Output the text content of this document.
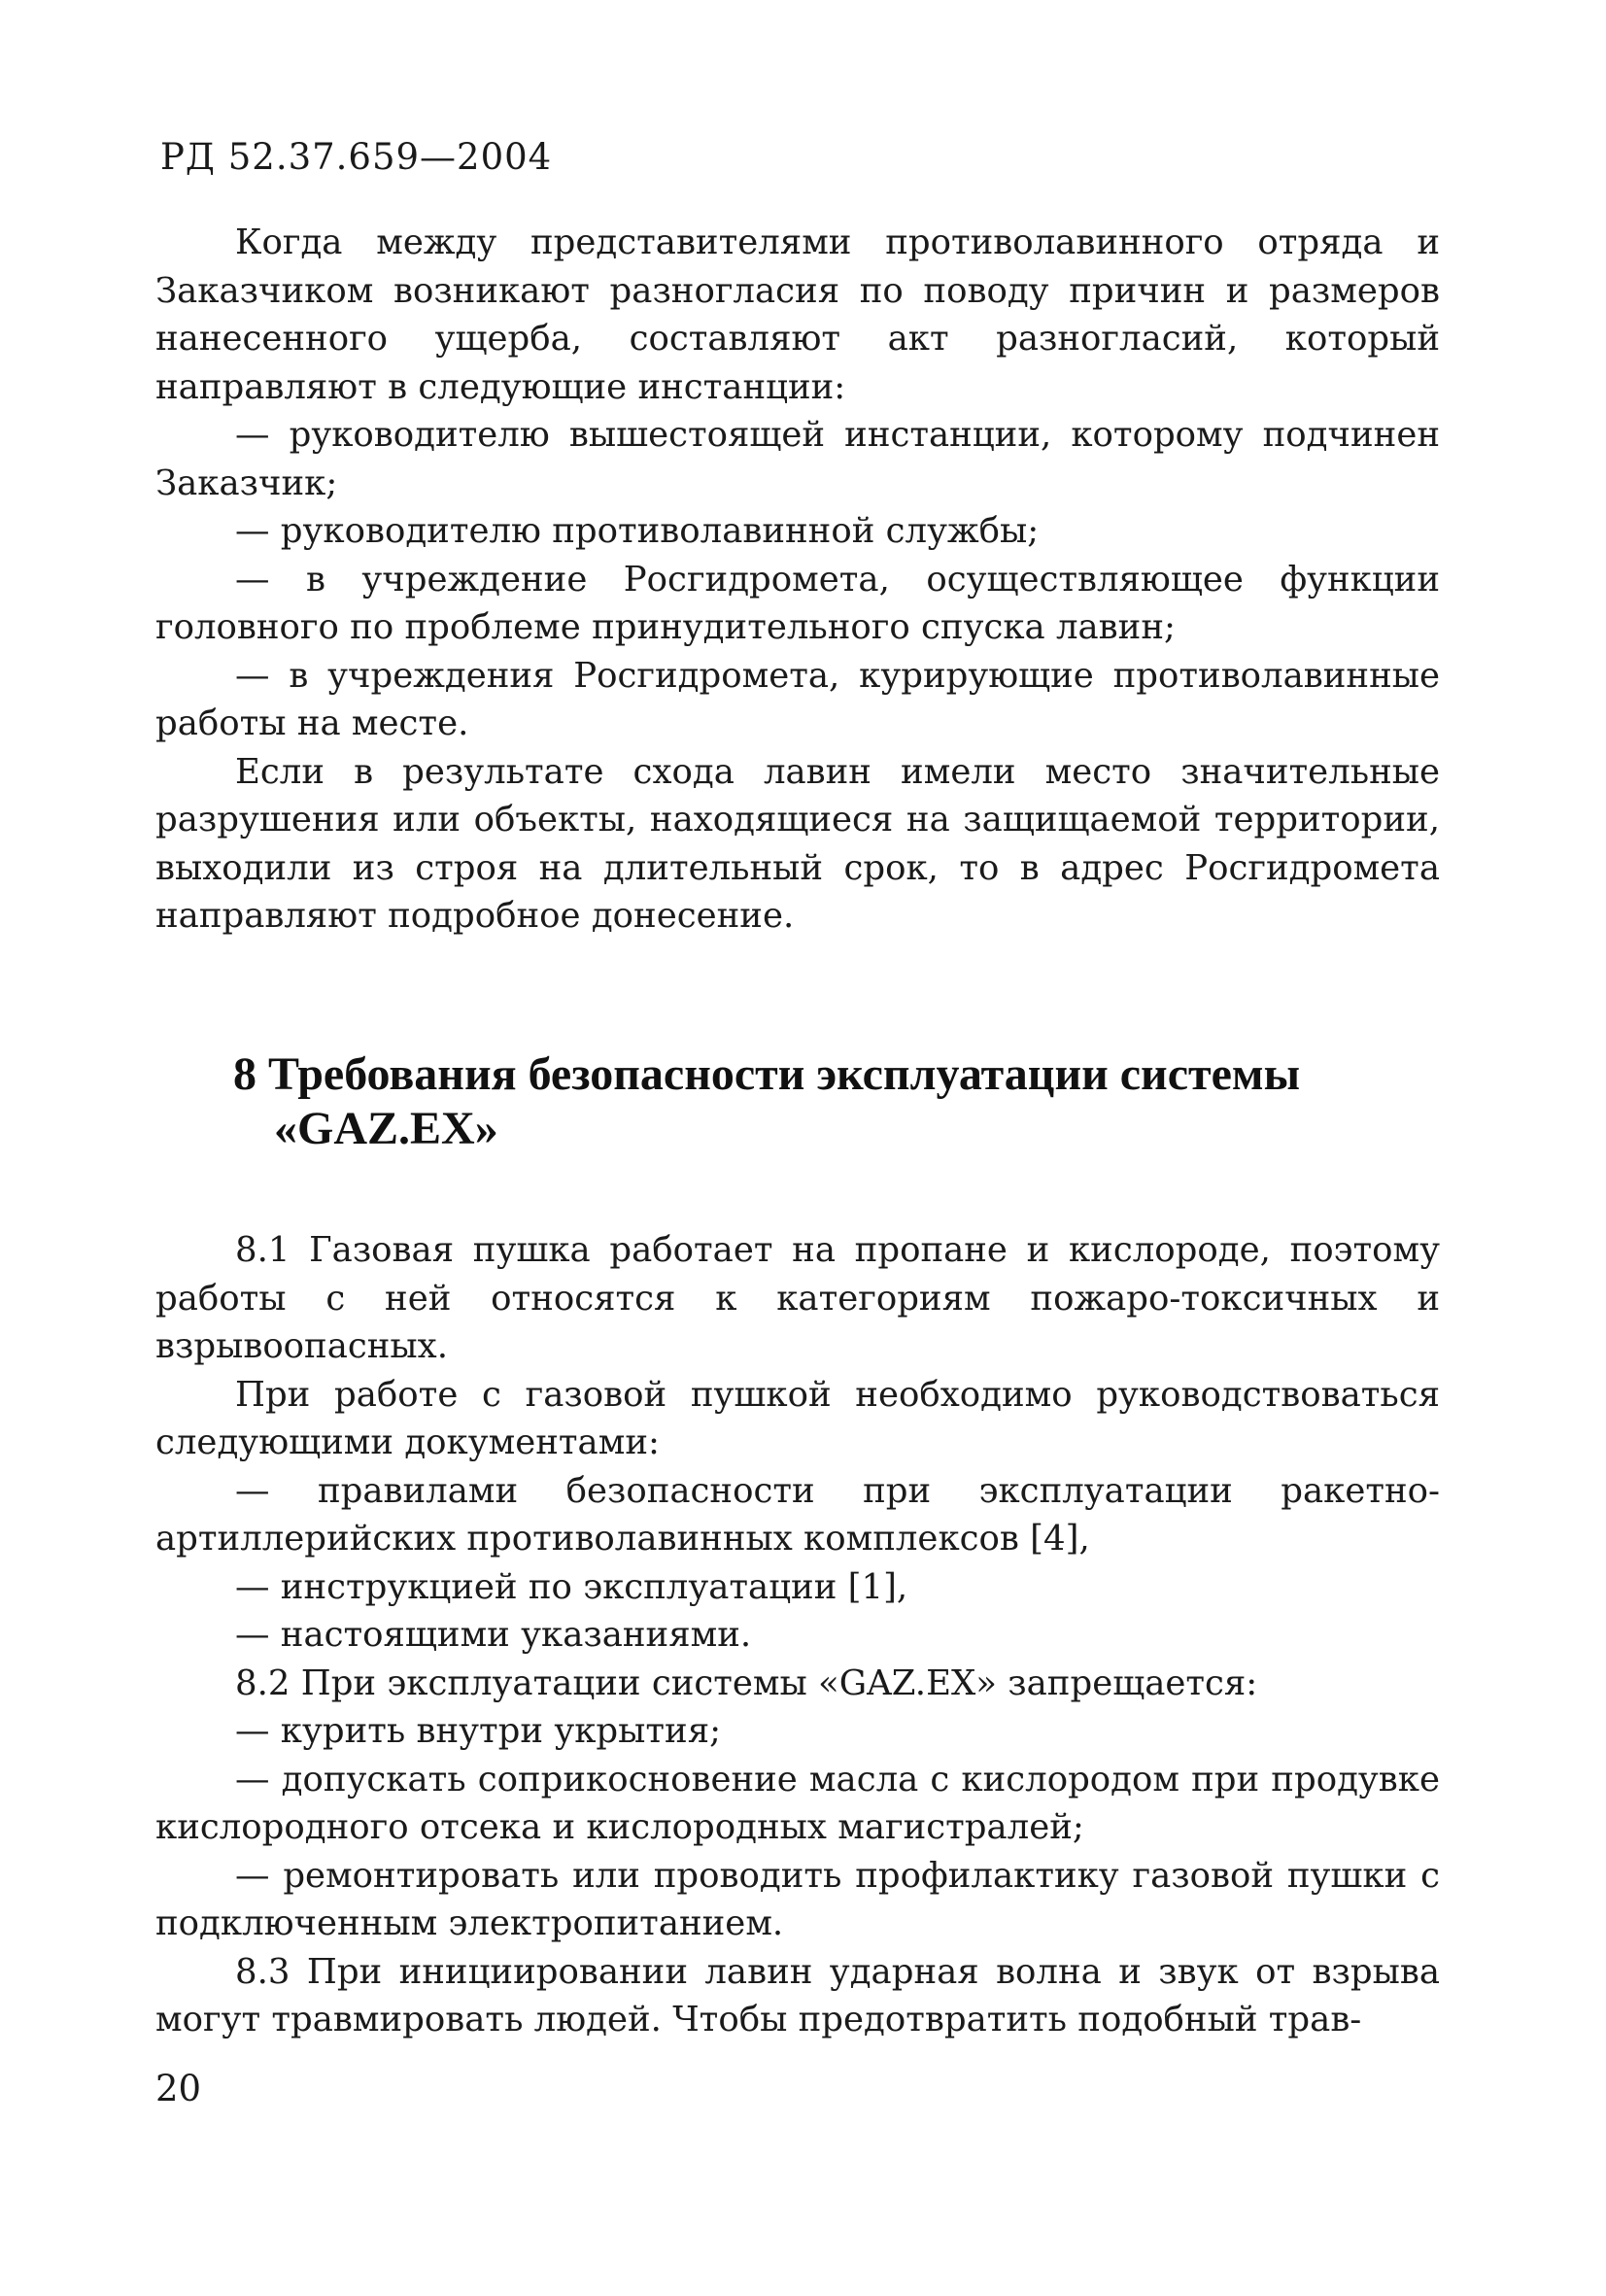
РД 52.37.659—2004

Когда между представителями противолавинного отряда и Заказчиком возникают разногласия по поводу причин и размеров нанесенного ущерба, составляют акт разногласий, который направляют в следующие инстанции:

— руководителю вышестоящей инстанции, которому подчинен Заказчик;

— руководителю противолавинной службы;

— в учреждение Росгидромета, осуществляющее функции головного по проблеме принудительного спуска лавин;

— в учреждения Росгидромета, курирующие противолавинные работы на месте.

Если в результате схода лавин имели место значительные разрушения или объекты, находящиеся на защищаемой территории, выходили из строя на длительный срок, то в адрес Росгидромета направляют подробное донесение.

8 Требования безопасности эксплуатации системы
«GAZ.EX»

8.1 Газовая пушка работает на пропане и кислороде, поэтому работы с ней относятся к категориям пожаро-токсичных и взрывоопасных.

При работе с газовой пушкой необходимо руководствоваться следующими документами:

— правилами безопасности при эксплуатации ракетно-артиллерийских противолавинных комплексов [4],

— инструкцией по эксплуатации [1],

— настоящими указаниями.

8.2 При эксплуатации системы «GAZ.EX» запрещается:

— курить внутри укрытия;

— допускать соприкосновение масла с кислородом при продувке кислородного отсека и кислородных магистралей;

— ремонтировать или проводить профилактику газовой пушки с подключенным электропитанием.

8.3 При инициировании лавин ударная волна и звук от взрыва могут травмировать людей. Чтобы предотвратить подобный трав-

20
